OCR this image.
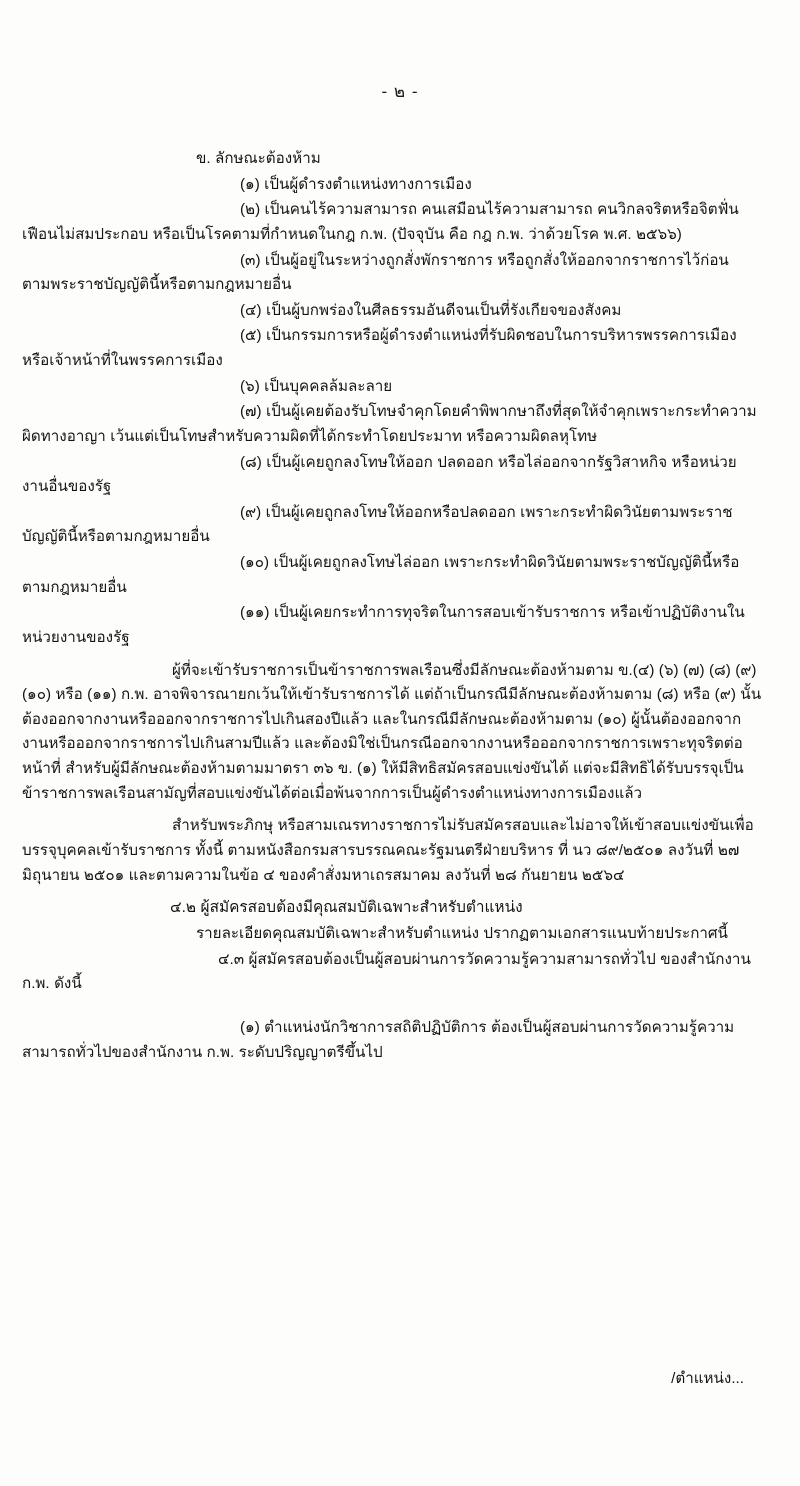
- ๒ -

ข. ลักษณะต้องห้าม

(๑) เป็นผู้ดำรงตำแหน่งทางการเมือง

(๒) เป็นคนไร้ความสามารถ คนเสมือนไร้ความสามารถ คนวิกลจริตหรือจิตฟั่นเฟือนไม่สมประกอบ หรือเป็นโรคตามที่กำหนดในกฎ ก.พ. (ปัจจุบัน คือ กฎ ก.พ. ว่าด้วยโรค พ.ศ. ๒๕๖๖)

(๓) เป็นผู้อยู่ในระหว่างถูกสั่งพักราชการ หรือถูกสั่งให้ออกจากราชการไว้ก่อนตามพระราชบัญญัตินี้หรือตามกฎหมายอื่น

(๔) เป็นผู้บกพร่องในศีลธรรมอันดีจนเป็นที่รังเกียจของสังคม

(๕) เป็นกรรมการหรือผู้ดำรงตำแหน่งที่รับผิดชอบในการบริหารพรรคการเมือง หรือเจ้าหน้าที่ในพรรคการเมือง

(๖) เป็นบุคคลล้มละลาย

(๗) เป็นผู้เคยต้องรับโทษจำคุกโดยคำพิพากษาถึงที่สุดให้จำคุกเพราะกระทำความผิดทางอาญา เว้นแต่เป็นโทษสำหรับความผิดที่ได้กระทำโดยประมาท หรือความผิดลหุโทษ

(๘) เป็นผู้เคยถูกลงโทษให้ออก ปลดออก หรือไล่ออกจากรัฐวิสาหกิจ หรือหน่วยงานอื่นของรัฐ

(๙) เป็นผู้เคยถูกลงโทษให้ออกหรือปลดออก เพราะกระทำผิดวินัยตามพระราชบัญญัตินี้หรือตามกฎหมายอื่น

(๑๐) เป็นผู้เคยถูกลงโทษไล่ออก เพราะกระทำผิดวินัยตามพระราชบัญญัตินี้หรือตามกฎหมายอื่น

(๑๑) เป็นผู้เคยกระทำการทุจริตในการสอบเข้ารับราชการ หรือเข้าปฏิบัติงานในหน่วยงานของรัฐ

ผู้ที่จะเข้ารับราชการเป็นข้าราชการพลเรือนซึ่งมีลักษณะต้องห้ามตาม ข.(๔) (๖) (๗) (๘) (๙) (๑๐) หรือ (๑๑) ก.พ. อาจพิจารณายกเว้นให้เข้ารับราชการได้ แต่ถ้าเป็นกรณีมีลักษณะต้องห้ามตาม (๘) หรือ (๙) นั้นต้องออกจากงานหรือออกจากราชการไปเกินสองปีแล้ว และในกรณีมีลักษณะต้องห้ามตาม (๑๐) ผู้นั้นต้องออกจากงานหรือออกจากราชการไปเกินสามปีแล้ว และต้องมิใช่เป็นกรณีออกจากงานหรือออกจากราชการเพราะทุจริตต่อหน้าที่ สำหรับผู้มีลักษณะต้องห้ามตามมาตรา ๓๖ ข. (๑) ให้มีสิทธิสมัครสอบแข่งขันได้ แต่จะมีสิทธิได้รับบรรจุเป็นข้าราชการพลเรือนสามัญที่สอบแข่งขันได้ต่อเมื่อพ้นจากการเป็นผู้ดำรงตำแหน่งทางการเมืองแล้ว

สำหรับพระภิกษุ หรือสามเณรทางราชการไม่รับสมัครสอบและไม่อาจให้เข้าสอบแข่งขันเพื่อบรรจุบุคคลเข้ารับราชการ ทั้งนี้ ตามหนังสือกรมสารบรรณคณะรัฐมนตรีฝ่ายบริหาร ที่ นว ๘๙/๒๕๐๑ ลงวันที่ ๒๗ มิถุนายน ๒๕๐๑ และตามความในข้อ ๔ ของคำสั่งมหาเถรสมาคม ลงวันที่ ๒๘ กันยายน ๒๕๖๔

๔.๒ ผู้สมัครสอบต้องมีคุณสมบัติเฉพาะสำหรับตำแหน่ง

รายละเอียดคุณสมบัติเฉพาะสำหรับตำแหน่ง ปรากฏตามเอกสารแนบท้ายประกาศนี้

๔.๓ ผู้สมัครสอบต้องเป็นผู้สอบผ่านการวัดความรู้ความสามารถทั่วไป ของสำนักงาน ก.พ. ดังนี้

(๑) ตำแหน่งนักวิชาการสถิติปฏิบัติการ ต้องเป็นผู้สอบผ่านการวัดความรู้ความสามารถทั่วไปของสำนักงาน ก.พ. ระดับปริญญาตรีขึ้นไป

/ตำแหน่ง...
